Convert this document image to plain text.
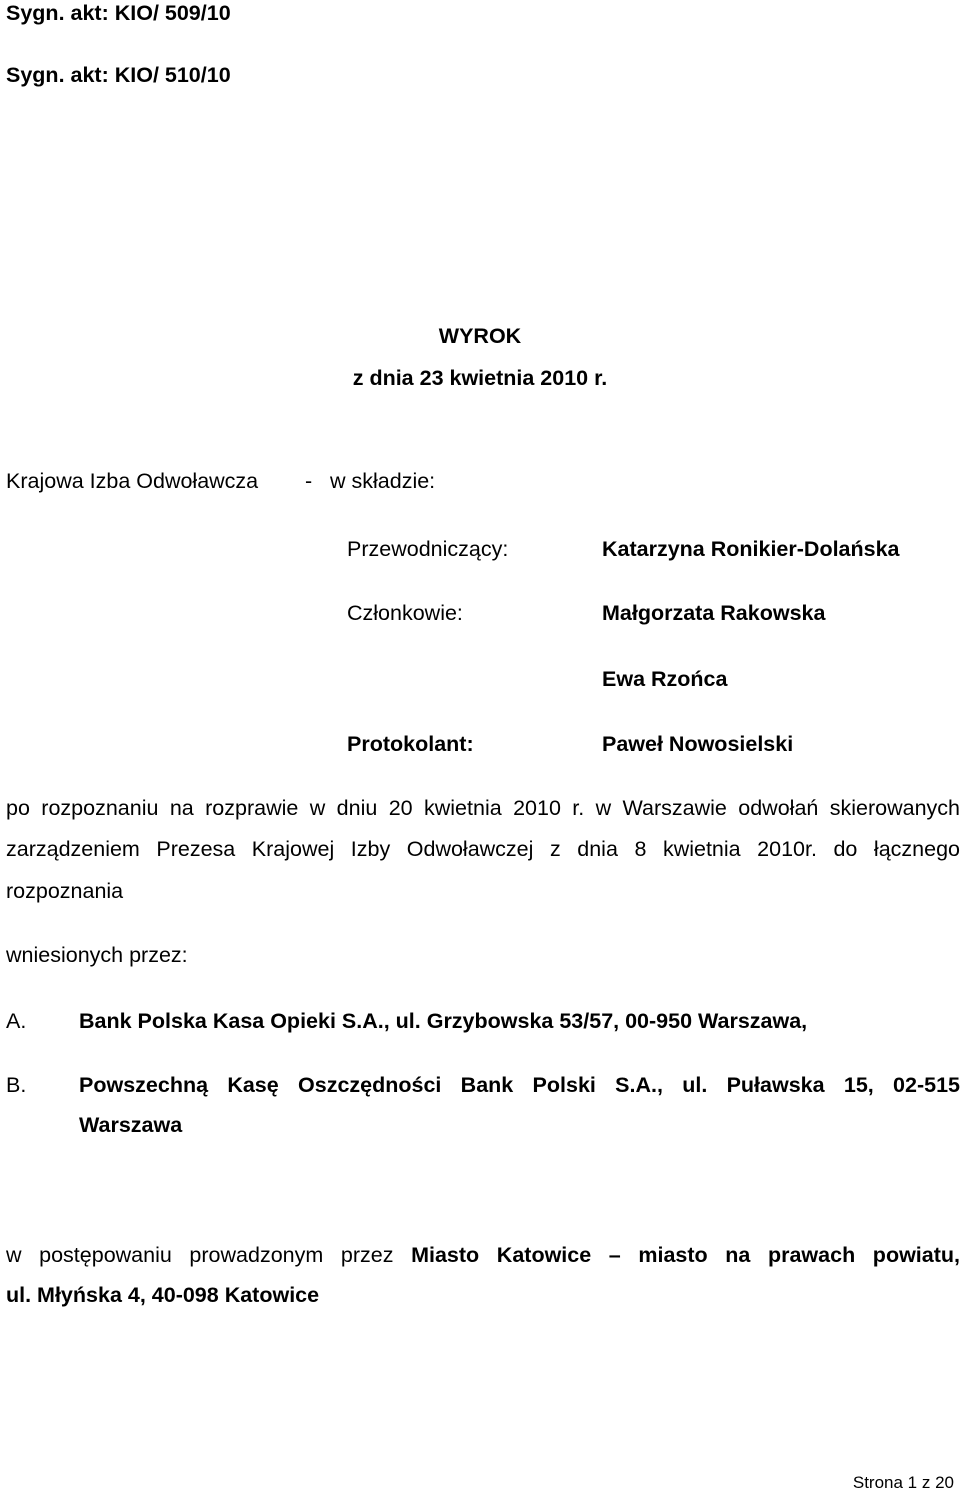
Sygn. akt: KIO/ 509/10
Sygn. akt: KIO/ 510/10
WYROK
z dnia 23 kwietnia 2010 r.
Krajowa Izba Odwoławcza - w składzie:
Przewodniczący:	Katarzyna Ronikier-Dolańska
Członkowie:	Małgorzata Rakowska
Ewa Rzońca
Protokolant:	Paweł Nowosielski
po rozpoznaniu na rozprawie w dniu 20 kwietnia 2010 r. w Warszawie odwołań skierowanych
zarządzeniem Prezesa Krajowej Izby Odwoławczej z dnia 8 kwietnia 2010r. do łącznego
rozpoznania
wniesionych przez:
A. Bank Polska Kasa Opieki S.A., ul. Grzybowska 53/57, 00-950 Warszawa,
B. Powszechną Kasę Oszczędności Bank Polski S.A., ul. Puławska 15, 02-515
Warszawa
w postępowaniu prowadzonym przez Miasto Katowice – miasto na prawach powiatu,
ul. Młyńska 4, 40-098 Katowice
Strona 1 z 20
